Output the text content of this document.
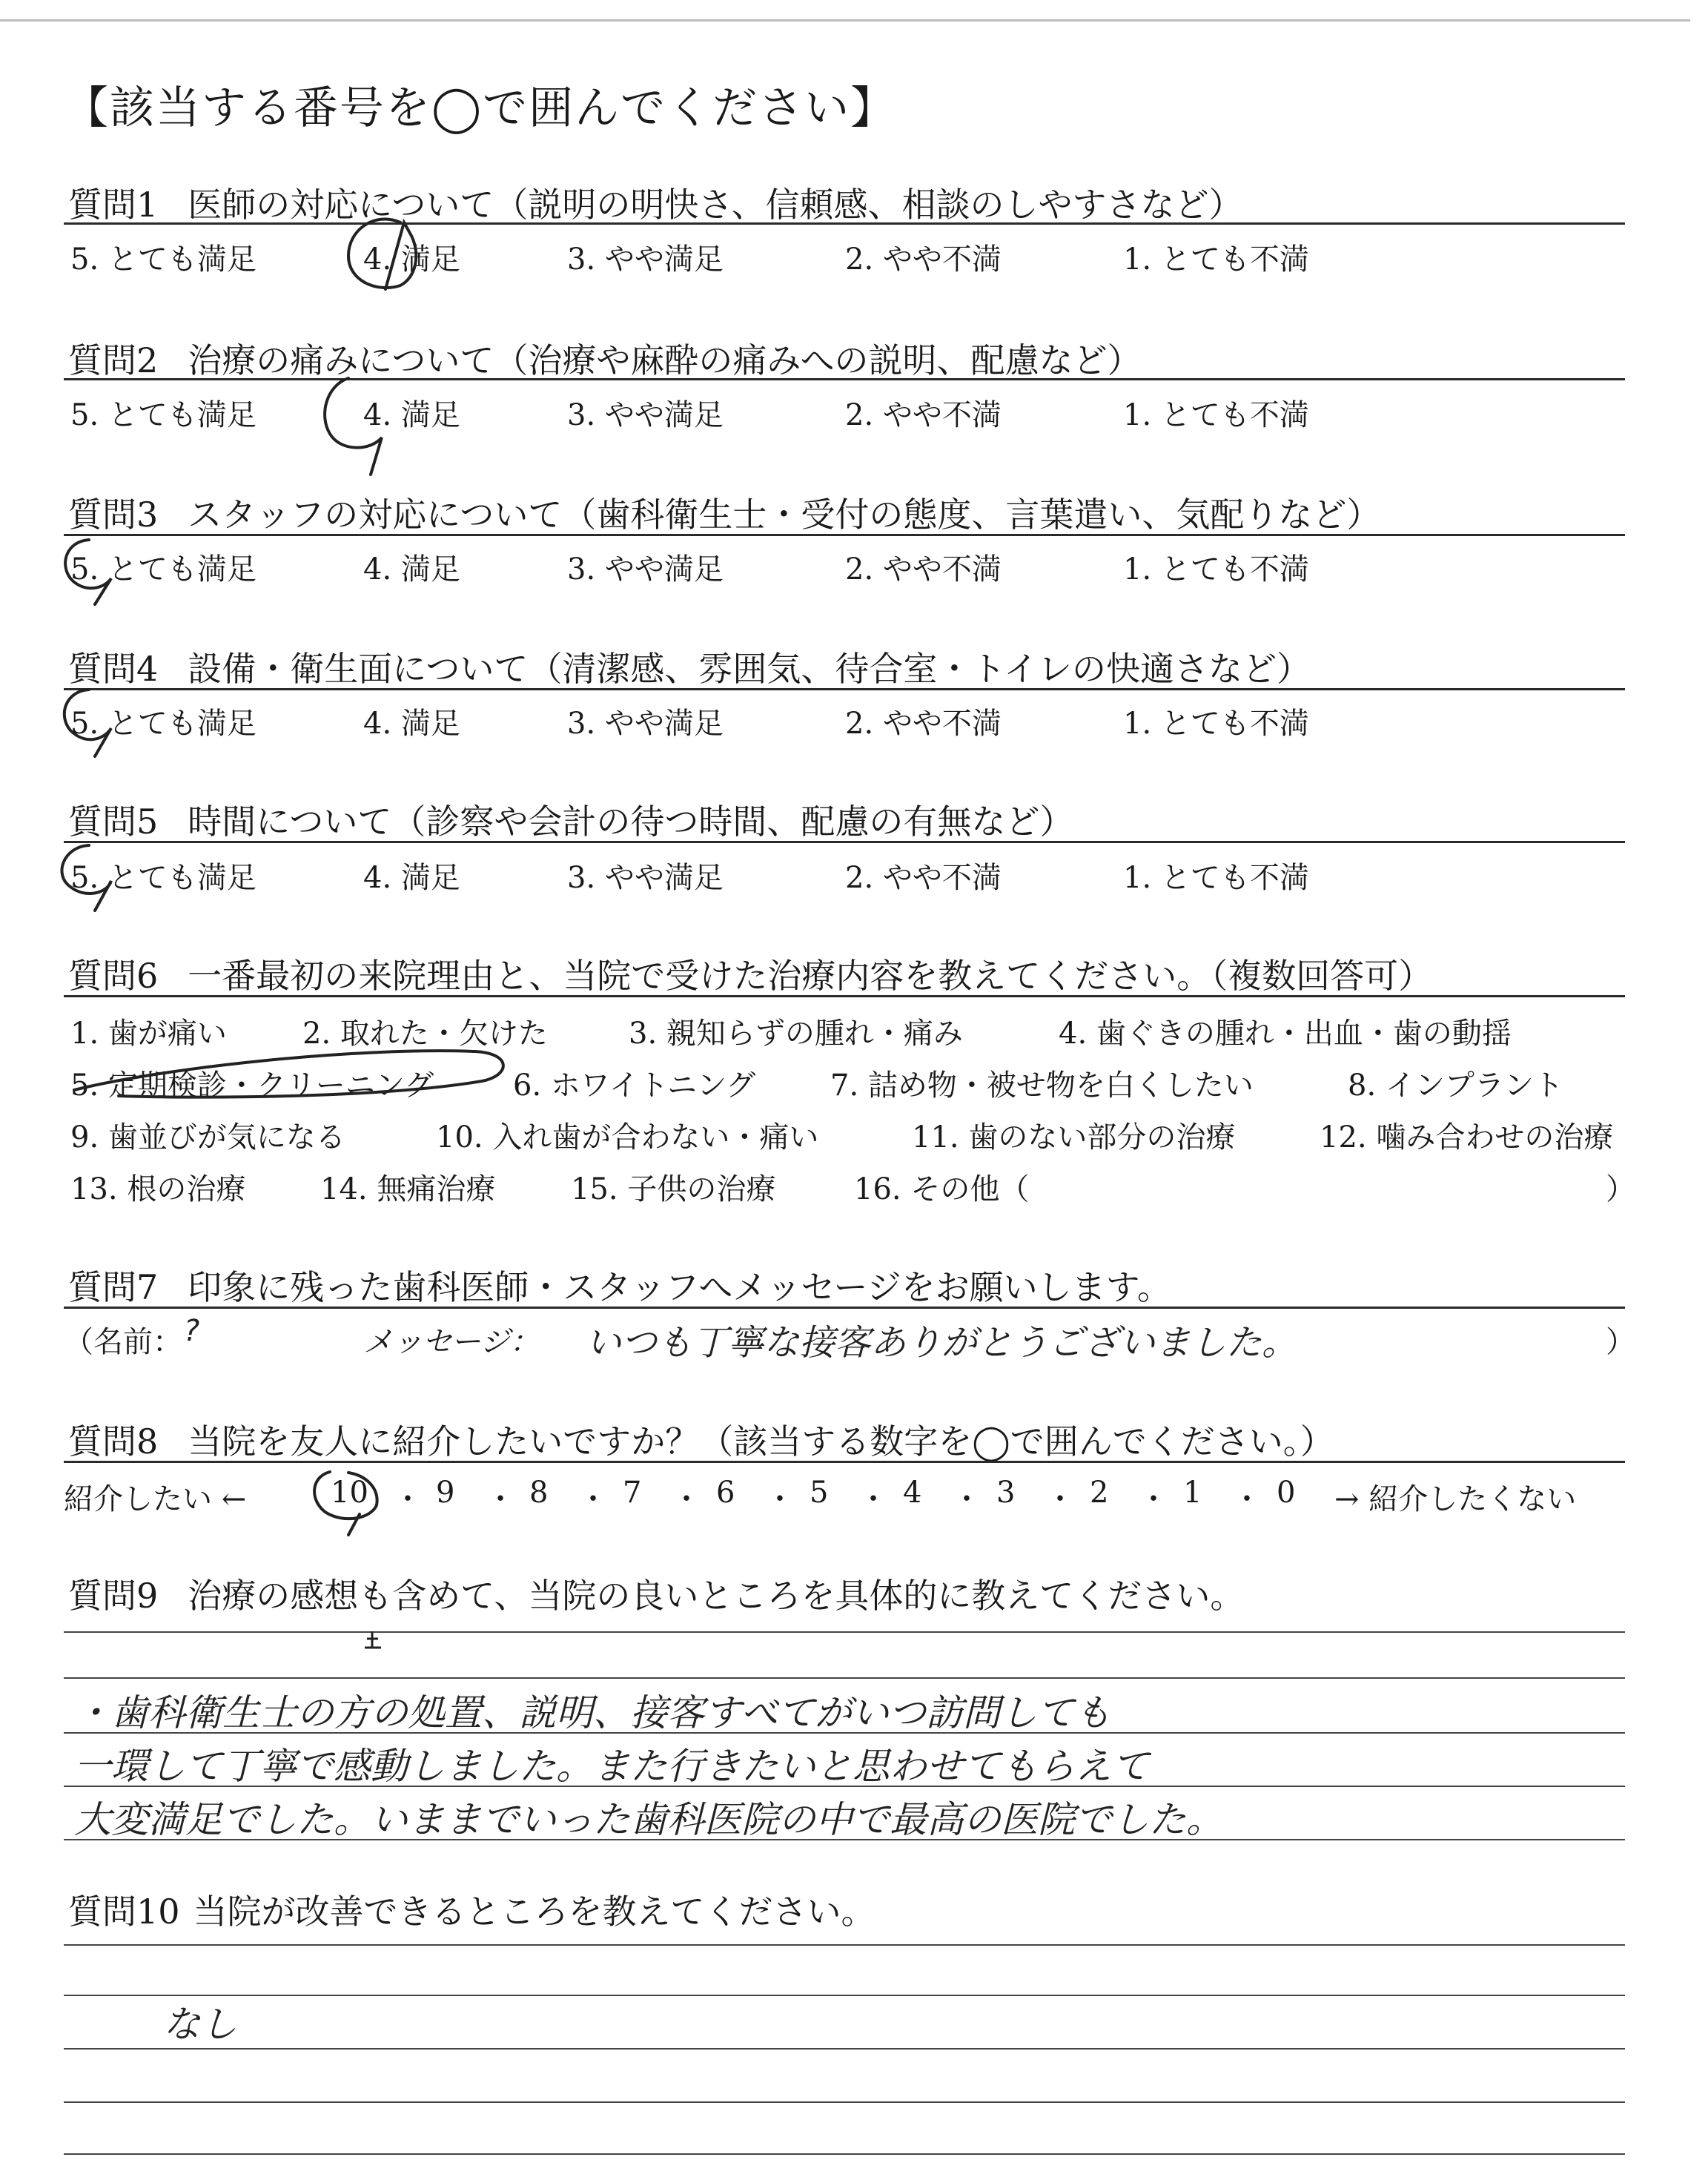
【該当する番号を◯で囲んでください】
質問1 医師の対応について（説明の明快さ、信頼感、相談のしやすさなど）
5. とても満足	4. 満足	3. やや満足	2. やや不満	1. とても不満
質問2 治療の痛みについて（治療や麻酔の痛みへの説明、配慮など）
5. とても満足	4. 満足	3. やや満足	2. やや不満	1. とても不満
質問3 スタッフの対応について（歯科衛生士・受付の態度、言葉遣い、気配りなど）
5. とても満足	4. 満足	3. やや満足	2. やや不満	1. とても不満
質問4 設備・衛生面について（清潔感、雰囲気、待合室・トイレの快適さなど）
5. とても満足	4. 満足	3. やや満足	2. やや不満	1. とても不満
質問5 時間について（診察や会計の待つ時間、配慮の有無など）
5. とても満足	4. 満足	3. やや満足	2. やや不満	1. とても不満
質問6 一番最初の来院理由と、当院で受けた治療内容を教えてください。（複数回答可）
1. 歯が痛い	2. 取れた・欠けた	3. 親知らずの腫れ・痛み	4. 歯ぐきの腫れ・出血・歯の動揺
5. 定期検診・クリーニング	6. ホワイトニング	7. 詰め物・被せ物を白くしたい	8. インプラント
9. 歯並びが気になる	10. 入れ歯が合わない・痛い	11. 歯のない部分の治療	12. 噛み合わせの治療
13. 根の治療	14. 無痛治療	15. 子供の治療	16. その他（	）
質問7 印象に残った歯科医師・スタッフへメッセージをお願いします。
（名前： ?	メッセージ： いつも丁寧な接客ありがとうございました。	）
質問8 当院を友人に紹介したいですか？（該当する数字を◯で囲んでください。）
紹介したい ←	10 ・ 9 ・ 8 ・ 7 ・ 6 ・ 5 ・ 4 ・ 3 ・ 2 ・ 1 ・ 0 → 紹介したくない
質問9 治療の感想も含めて、当院の良いところを具体的に教えてください。
・歯科衛生士の方の処置、説明、接客すべてがいつ訪問しても
一環して丁寧で感動しました。また行きたいと思わせてもらえて
大変満足でした。いままでいった歯科医院の中で最高の医院でした。
質問10 当院が改善できるところを教えてください。
なし
